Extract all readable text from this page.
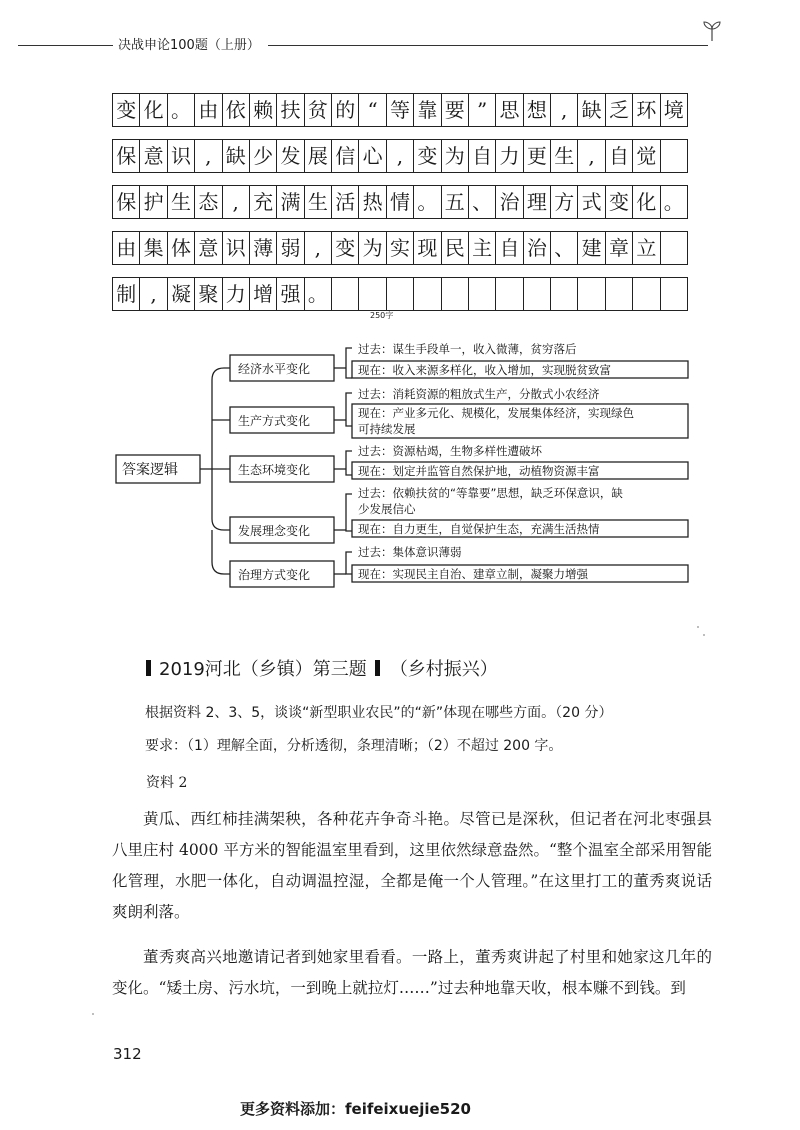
决战申论100题（上册）
变 化 。 由 依 赖 扶 贫 的 “ 等 靠 要 ” 思 想 , 缺 乏 环 境
保 意 识 , 缺 少 发 展 信 心 , 变 为 自 力 更 生 , 自 觉
保 护 生 态 , 充 满 生 活 热 情 。 五 、 治 理 方 式 变 化 。
由 集 体 意 识 薄 弱 , 变 为 实 现 民 主 自 治 、 建 章 立
制 , 凝 聚 力 增 强 。
250字
答案逻辑
经济水平变化
生产方式变化
生态环境变化
发展理念变化
治理方式变化
过去：谋生手段单一，收入微薄，贫穷落后
现在：收入来源多样化，收入增加，实现脱贫致富
过去：消耗资源的粗放式生产，分散式小农经济
现在：产业多元化、规模化，发展集体经济，实现绿色
可持续发展
过去：资源枯竭，生物多样性遭破坏
现在：划定并监管自然保护地，动植物资源丰富
过去：依赖扶贫的“等靠要”思想，缺乏环保意识，缺
少发展信心
现在：自力更生，自觉保护生态，充满生活热情
过去：集体意识薄弱
现在：实现民主自治、建章立制，凝聚力增强
2019河北（乡镇）第三题 （乡村振兴）
根据资料 2、3、5，谈谈“新型职业农民”的“新”体现在哪些方面。（20 分）
要求：（1）理解全面，分析透彻，条理清晰；（2）不超过 200 字。
资料 2
黄瓜、西红柿挂满架秧，各种花卉争奇斗艳。尽管已是深秋，但记者在河北枣强县八里庄村 4000 平方米的智能温室里看到，这里依然绿意盎然。“整个温室全部采用智能化管理，水肥一体化，自动调温控湿，全都是俺一个人管理。”在这里打工的董秀爽说话爽朗利落。
董秀爽高兴地邀请记者到她家里看看。一路上，董秀爽讲起了村里和她家这几年的变化。“矮土房、污水坑，一到晚上就拉灯……”过去种地靠天收，根本赚不到钱。到
312
更多资料添加：feifeixuejie520
